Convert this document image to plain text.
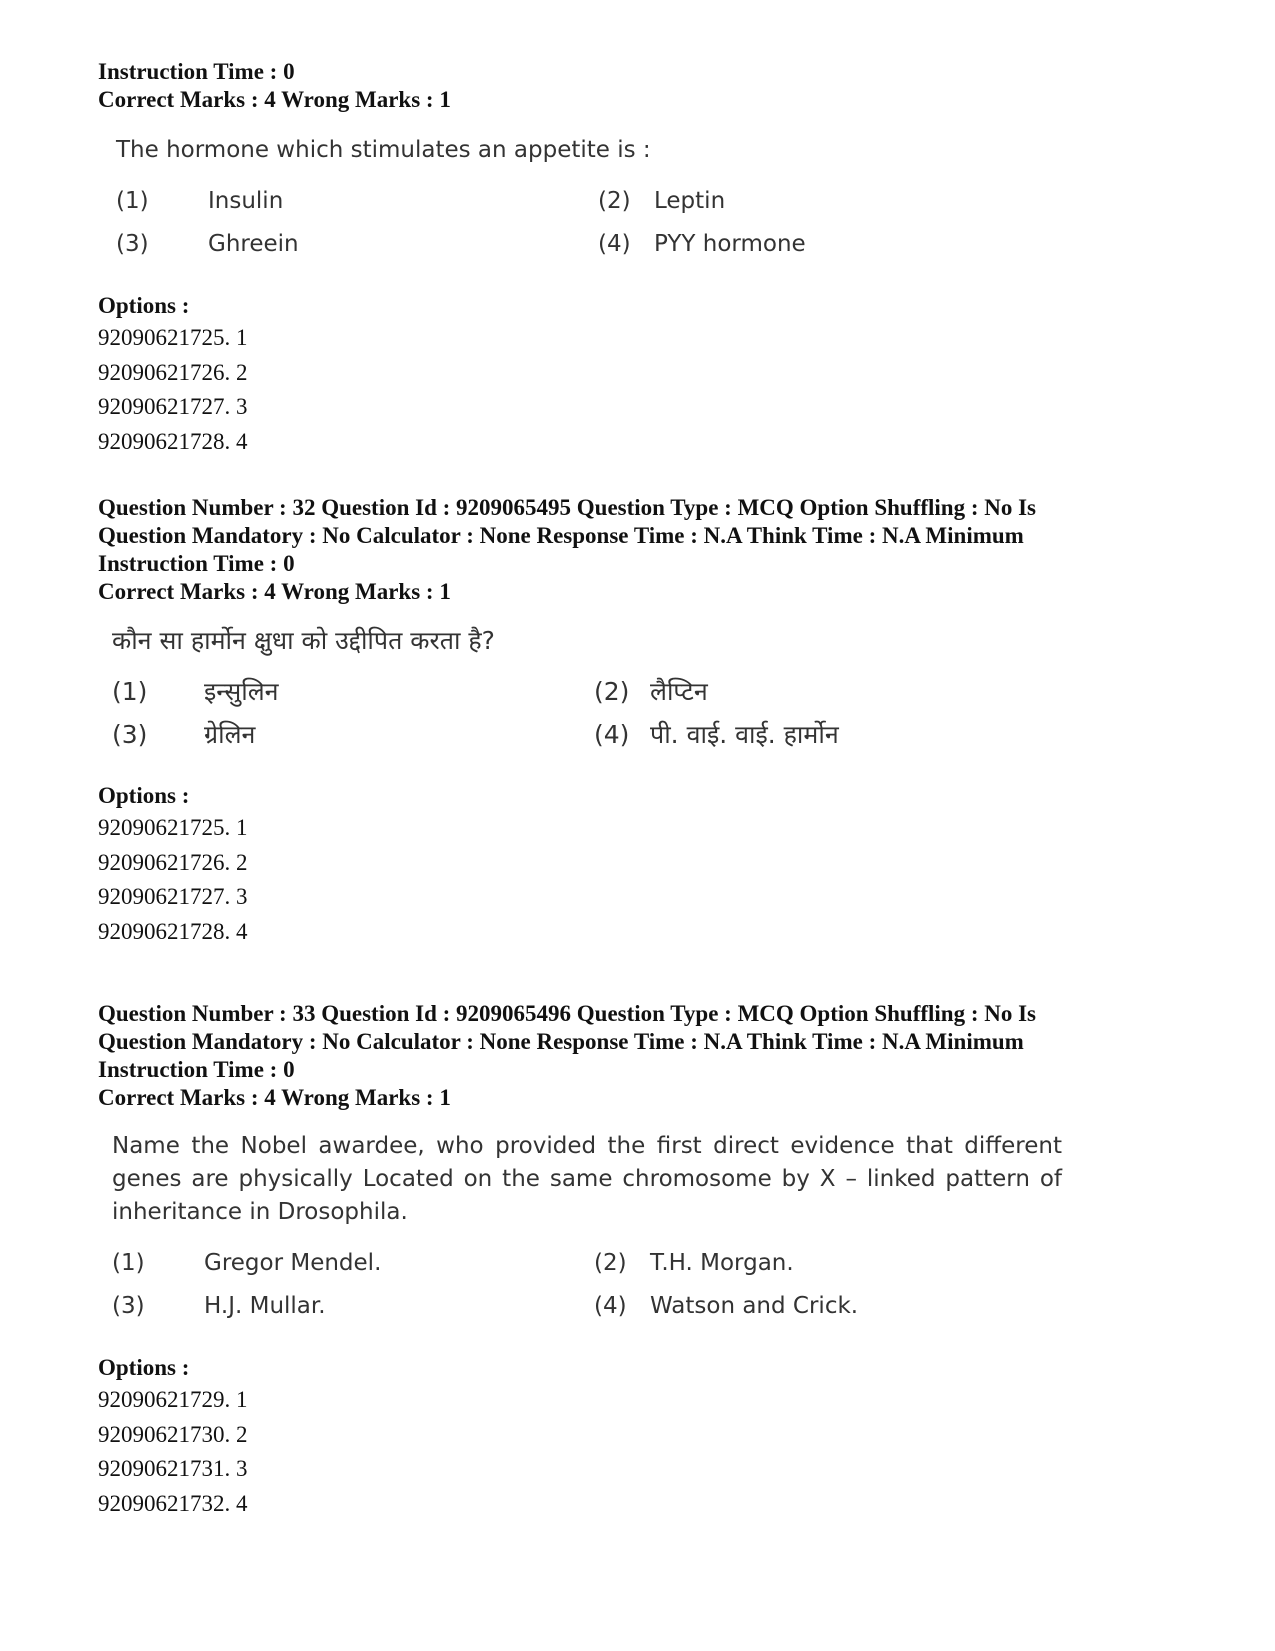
Instruction Time : 0

Correct Marks : 4 Wrong Marks : 1

The hormone which stimulates an appetite is :

(1)	Insulin	(2)	Leptin
(3)	Ghreein	(4)	PYY hormone

Options :

92090621725. 1
92090621726. 2
92090621727. 3
92090621728. 4

Question Number : 32 Question Id : 9209065495 Question Type : MCQ Option Shuffling : No Is

Question Mandatory : No Calculator : None Response Time : N.A Think Time : N.A Minimum

Instruction Time : 0

Correct Marks : 4 Wrong Marks : 1

कौन सा हार्मोन क्षुधा को उद्दीपित करता है?

(1)	इन्सुलिन	(2) लैप्टिन
(3)	ग्रेलिन	(4) पी. वाई. वाई. हार्मोन

Options :

92090621725. 1
92090621726. 2
92090621727. 3
92090621728. 4

Question Number : 33 Question Id : 9209065496 Question Type : MCQ Option Shuffling : No Is

Question Mandatory : No Calculator : None Response Time : N.A Think Time : N.A Minimum

Instruction Time : 0

Correct Marks : 4 Wrong Marks : 1

Name the Nobel awardee, who provided the first direct evidence that different genes are physically Located on the same chromosome by X – linked pattern of inheritance in Drosophila.

(1)	Gregor Mendel.	(2)	T.H. Morgan.
(3)	H.J. Mullar.	(4)	Watson and Crick.

Options :

92090621729. 1
92090621730. 2
92090621731. 3
92090621732. 4
